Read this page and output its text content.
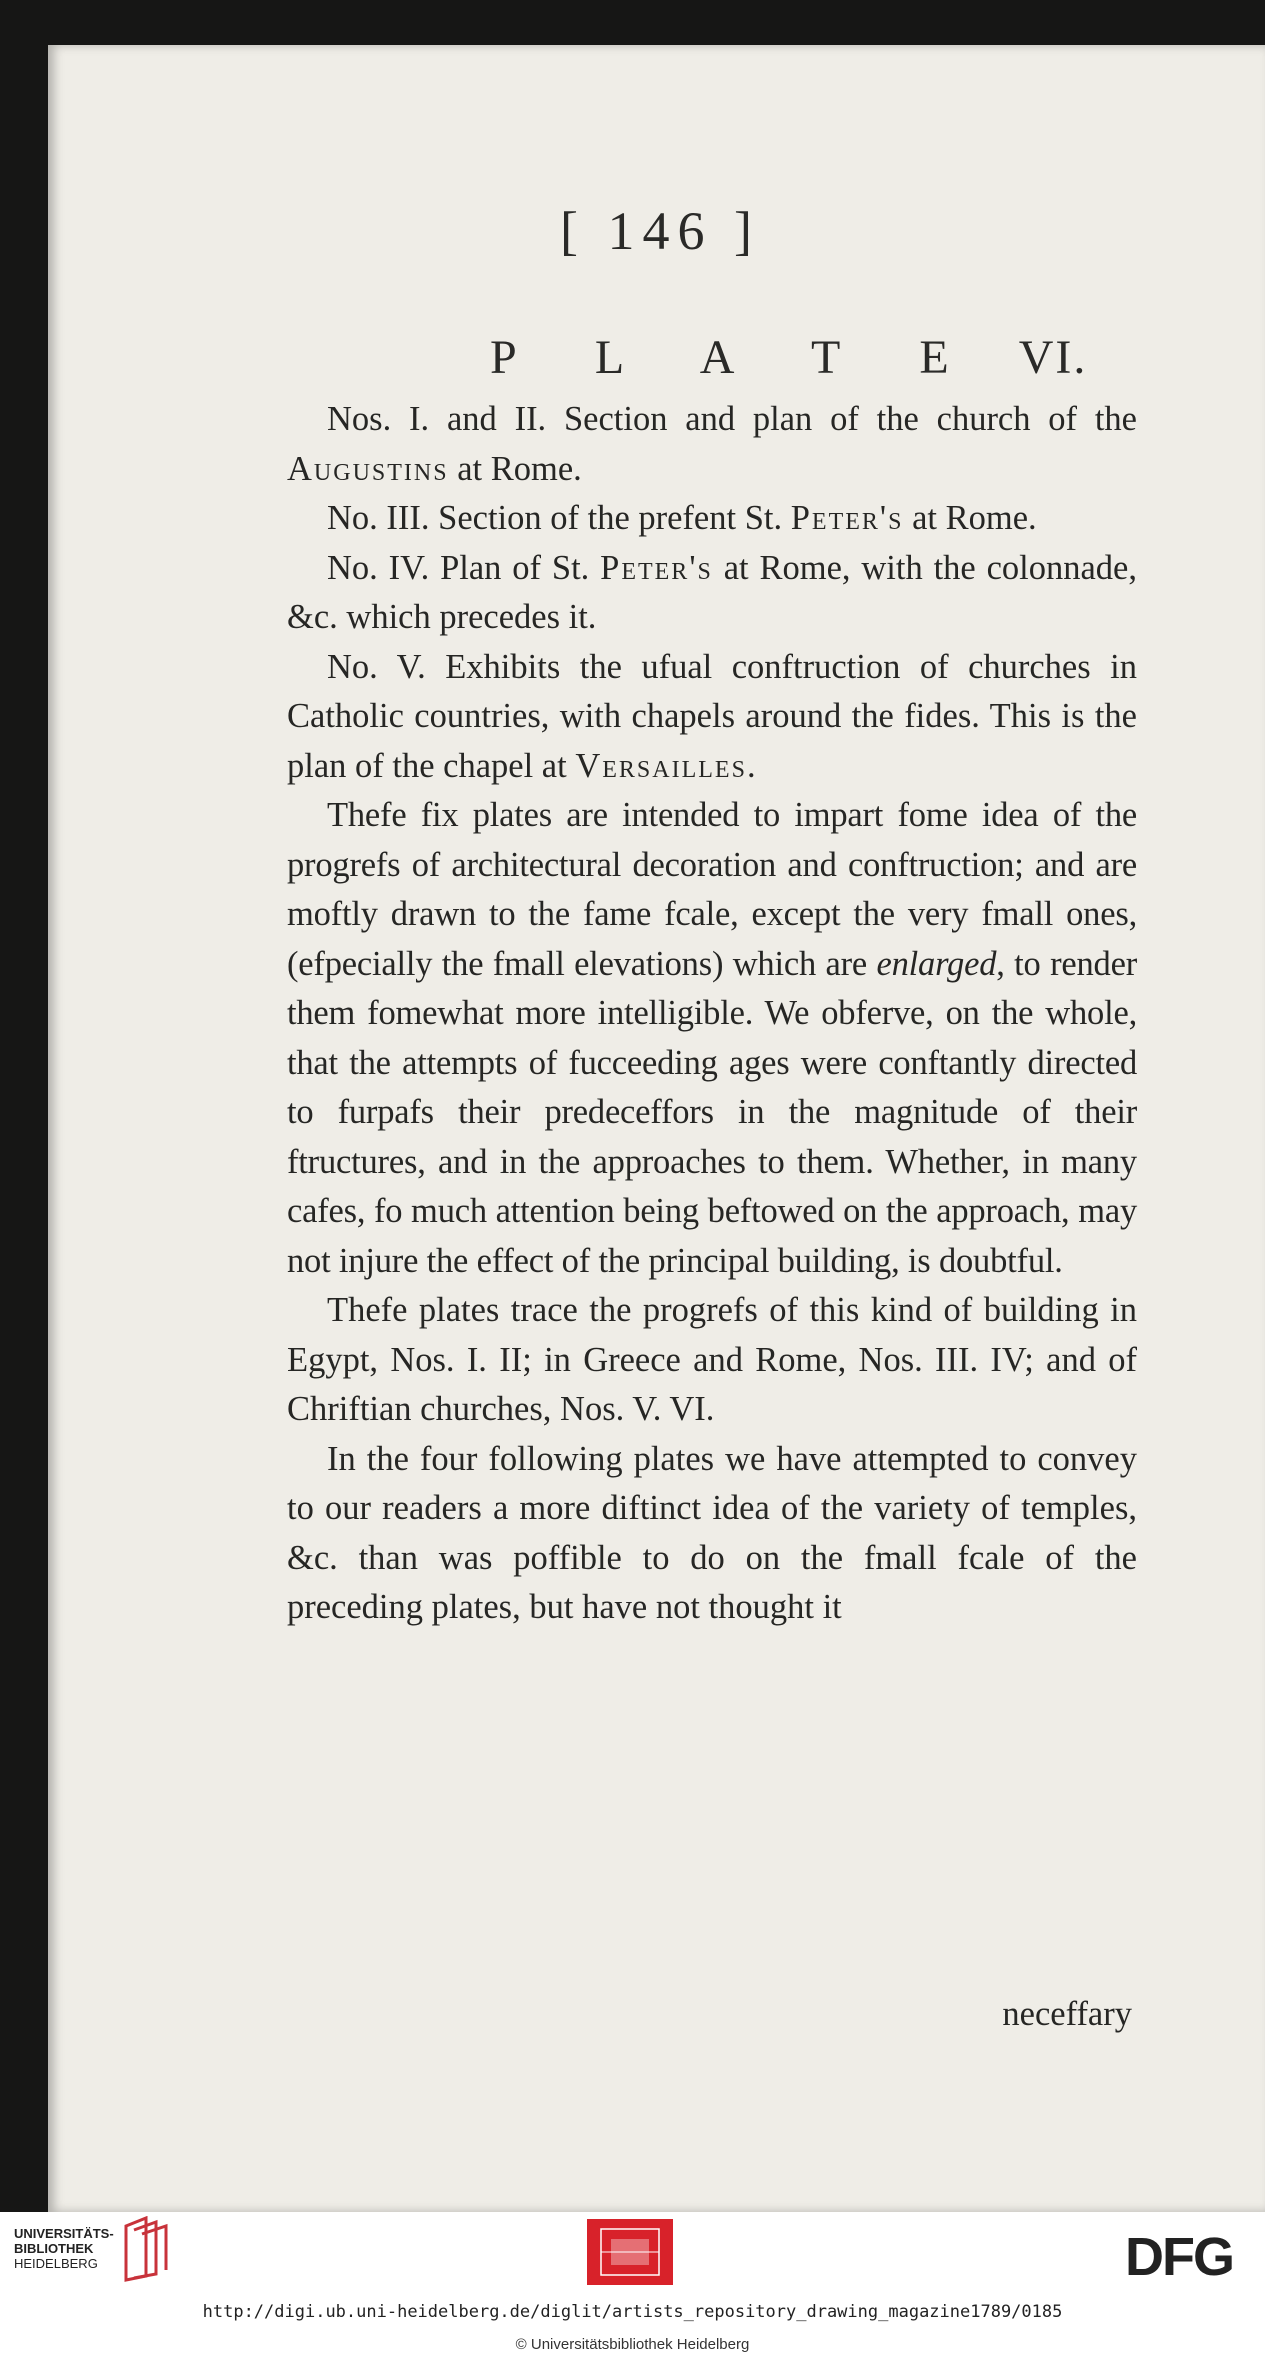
[ 146 ]
P L A T E VI.

Nos. I. and II. Section and plan of the church of the Augustins at Rome.

No. III. Section of the prefent St. Peter's at Rome.

No. IV. Plan of St. Peter's at Rome, with the colonnade, &c. which precedes it.

No. V. Exhibits the ufual conftruction of churches in Catholic countries, with chapels around the fides. This is the plan of the chapel at Versailles.

Thefe fix plates are intended to impart fome idea of the progrefs of architectural decoration and conftruction; and are moftly drawn to the fame fcale, except the very fmall ones, (efpecially the fmall elevations) which are enlarged, to render them fomewhat more intelligible. We obferve, on the whole, that the attempts of fucceeding ages were conftantly directed to furpafs their predeceffors in the magnitude of their ftructures, and in the approaches to them. Whether, in many cafes, fo much attention being beftowed on the approach, may not injure the effect of the principal building, is doubtful.

Thefe plates trace the progrefs of this kind of building in Egypt, Nos. I. II; in Greece and Rome, Nos. III. IV; and of Chriftian churches, Nos. V. VI.

In the four following plates we have attempted to convey to our readers a more diftinct idea of the variety of temples, &c. than was poffible to do on the fmall fcale of the preceding plates, but have not thought it

neceffary
UNIVERSITÄTS-
BIBLIOTHEK
HEIDELBERG	DFG
http://digi.ub.uni-heidelberg.de/diglit/artists_repository_drawing_magazine1789/0185
© Universitätsbibliothek Heidelberg
